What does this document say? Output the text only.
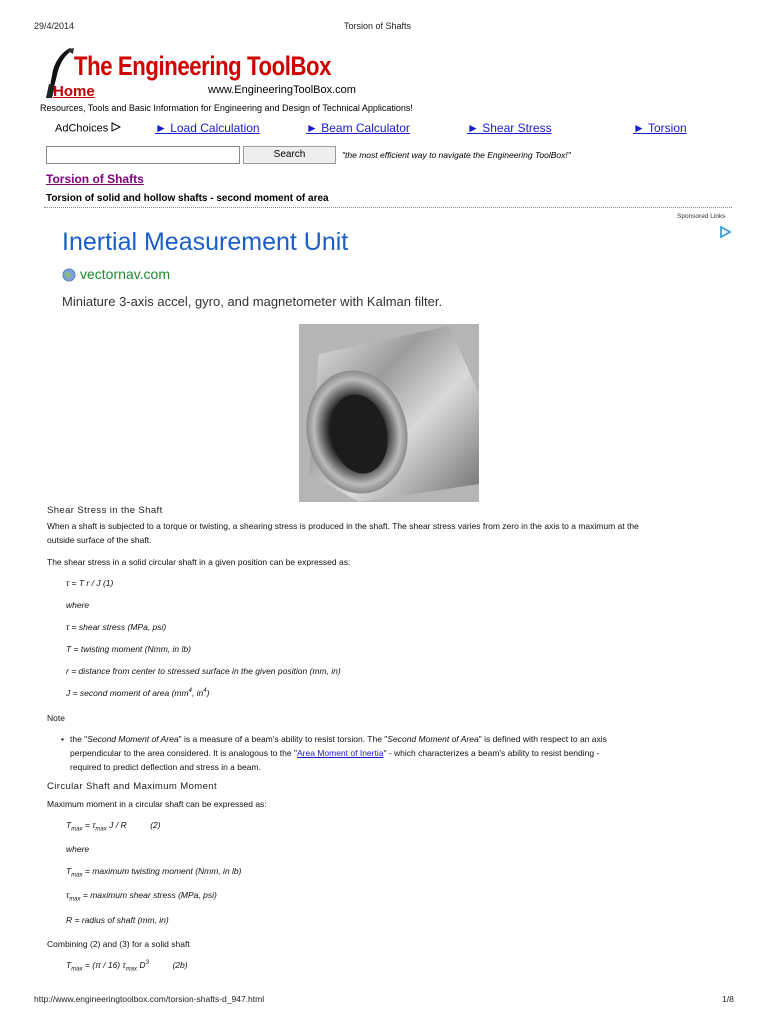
29/4/2014	Torsion of Shafts
The Engineering ToolBox
Home	www.EngineeringToolBox.com
Resources, Tools and Basic Information for Engineering and Design of Technical Applications!
AdChoices	► Load Calculation	► Beam Calculator	► Shear Stress	► Torsion
Search	"the most efficient way to navigate the Engineering ToolBox!"
Torsion of Shafts
Torsion of solid and hollow shafts - second moment of area
Sponsored Links
Inertial Measurement Unit
vectornav.com
Miniature 3-axis accel, gyro, and magnetometer with Kalman filter.
Shear Stress in the Shaft
When a shaft is subjected to a torque or twisting, a shearing stress is produced in the shaft. The shear stress varies from zero in the axis to a maximum at the
outside surface of the shaft.
The shear stress in a solid circular shaft in a given position can be expressed as:
τ = T r / J (1)
where
τ = shear stress (MPa, psi)
T = twisting moment (Nmm, in lb)
r = distance from center to stressed surface in the given position (mm, in)
J = second moment of area ($mm^4$, $in^4$)
Note
• the "Second Moment of Area" is a measure of a beam's ability to resist torsion. The "Second Moment of Area" is defined with respect to an axis
perpendicular to the area considered. It is analogous to the "Area Moment of Inertia" - which characterizes a beam's ability to resist bending -
required to predict deflection and stress in a beam.
Circular Shaft and Maximum Moment
Maximum moment in a circular shaft can be expressed as:
$T_{max} = \tau_{max}$ J / R          (2)
where
$T_{max}$ = maximum twisting moment (Nmm, in lb)
$\tau_{max}$ = maximum shear stress (MPa, psi)
R = radius of shaft (mm, in)
Combining (2) and (3) for a solid shaft
$T_{max} = (\pi / 16)$ $\tau_{max}$ $D^3$          (2b)
http://www.engineeringtoolbox.com/torsion-shafts-d_947.html	1/8
